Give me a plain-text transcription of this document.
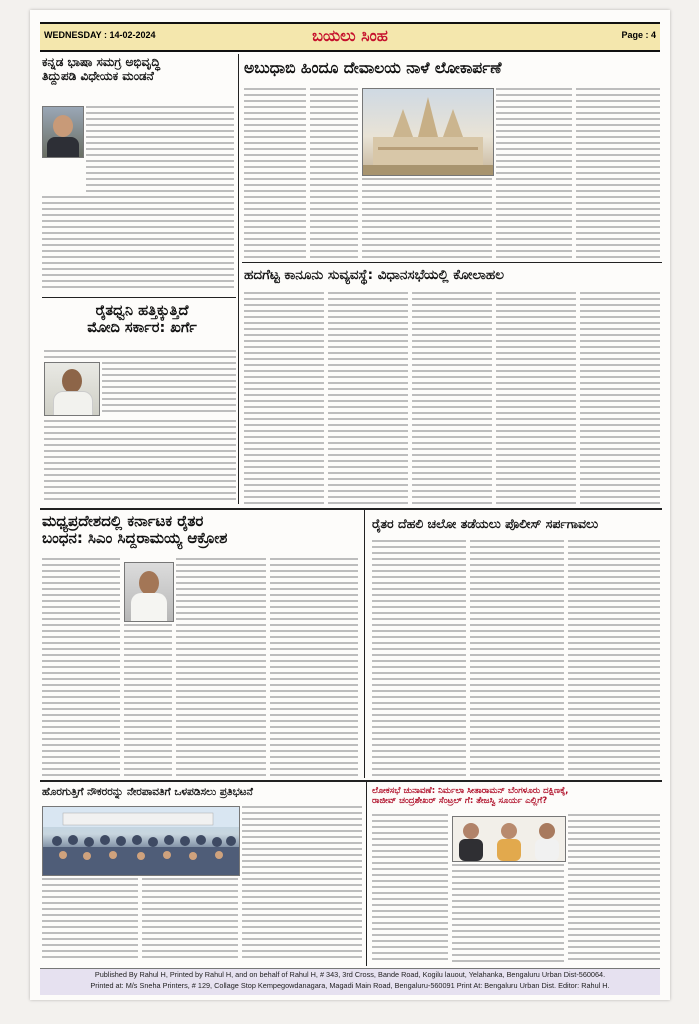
WEDNESDAY : 14-02-2024	ಬಯಲು ಸಿಂಹ	Page : 4
ಕನ್ನಡ ಭಾಷಾ ಸಮಗ್ರ ಅಭಿವೃದ್ಧಿ
ತಿದ್ದುಪಡಿ ವಿಧೇಯಕ ಮಂಡನೆ	ಅಬುಧಾಬಿ ಹಿಂದೂ ದೇವಾಲಯ ನಾಳೆ ಲೋಕಾರ್ಪಣೆ
ರೈತಧ್ವನಿ ಹತ್ತಿಕ್ಕುತ್ತಿದೆ
ಮೋದಿ ಸರ್ಕಾರ: ಖರ್ಗೆ
ಹದಗೆಟ್ಟ ಕಾನೂನು ಸುವ್ಯವಸ್ಥೆ: ವಿಧಾನಸಭೆಯಲ್ಲಿ ಕೋಲಾಹಲ
ಮಧ್ಯಪ್ರದೇಶದಲ್ಲಿ ಕರ್ನಾಟಕ ರೈತರ
ಬಂಧನ: ಸಿಎಂ ಸಿದ್ದರಾಮಯ್ಯ ಆಕ್ರೋಶ
ರೈತರ ದೆಹಲಿ ಚಲೋ ತಡೆಯಲು ಪೊಲೀಸ್ ಸರ್ಪಗಾವಲು
ಹೊರಗುತ್ತಿಗೆ ನೌಕರರನ್ನು ನೇರಪಾವತಿಗೆ ಒಳಪಡಿಸಲು ಪ್ರತಿಭಟನೆ	ಲೋಕಸಭೆ ಚುನಾವಣೆ: ನಿರ್ಮಲಾ ಸೀತಾರಾಮನ್ ಬೆಂಗಳೂರು ದಕ್ಷಿಣಕ್ಕೆ,
ರಾಜೀವ್ ಚಂದ್ರಶೇಖರ್ ಸೆಂಟ್ರಲ್ ಗೆ: ತೇಜಸ್ವಿ ಸೂರ್ಯ ಎಲ್ಲಿಗೆ?
Published By Rahul H, Printed by Rahul H, and on behalf of Rahul H, # 343, 3rd Cross, Bande Road, Kogilu lauout, Yelahanka, Bengaluru Urban Dist-560064.
Printed at: M/s Sneha Printers, # 129, Collage Stop Kempegowdanagara, Magadi Main Road, Bengaluru-560091 Print At: Bengaluru Urban Dist. Editor: Rahul H.
